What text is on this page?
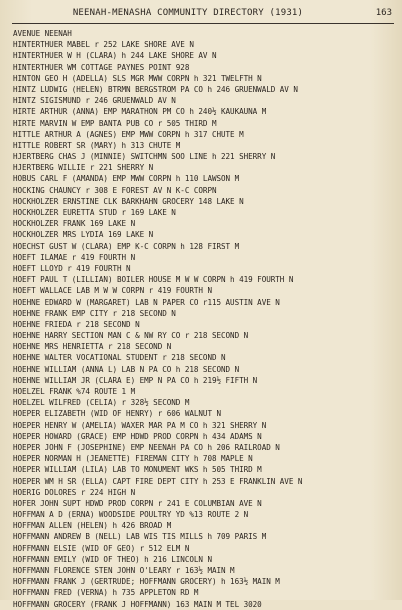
NEENAH-MENASHA COMMUNITY DIRECTORY (1931)	163
AVENUE NEENAH
HINTERTHUER MABEL r 252 LAKE SHORE AVE N
HINTERTHUER W H (CLARA) h 244 LAKE SHORE AV N
HINTERTHUER WM COTTAGE PAYNES POINT 928
HINTON GEO H (ADELLA) SLS MGR MWW CORPN h 321 TWELFTH N
HINTZ LUDWIG (HELEN) BTRMN BERGSTROM PA CO h 246 GRUENWALD AV N
HINTZ SIGISMUND r 246 GRUENWALD AV N
HIRTE ARTHUR (ANNA) EMP MARATHON PM CO h 240½ KAUKAUNA M
HIRTE MARVIN W EMP BANTA PUB CO r 505 THIRD M
HITTLE ARTHUR A (AGNES) EMP MWW CORPN h 317 CHUTE M
HITTLE ROBERT SR (MARY) h 313 CHUTE M
HJERTBERG CHAS J (MINNIE) SWITCHMN SOO LINE h 221 SHERRY N
HJERTBERG WILLIE r 221 SHERRY N
HOBUS CARL F (AMANDA) EMP MWW CORPN h 110 LAWSON M
HOCKING CHAUNCY r 308 E FOREST AV N K-C CORPN
HOCKHOLZER ERNSTINE CLK BARKHAHN GROCERY 148 LAKE N
HOCKHOLZER EURETTA STUD r 169 LAKE N
HOCKHOLZER FRANK 169 LAKE N
HOCKHOLZER MRS LYDIA 169 LAKE N
HOECHST GUST W (CLARA) EMP K-C CORPN h 128 FIRST M
HOEFT ILAMAE r 419 FOURTH N
HOEFT LLOYD r 419 FOURTH N
HOEFT PAUL T (LILLIAN) BOILER HOUSE M W W CORPN h 419 FOURTH N
HOEFT WALLACE LAB M W W CORPN r 419 FOURTH N
HOEHNE EDWARD W (MARGARET) LAB N PAPER CO r115 AUSTIN AVE N
HOEHNE FRANK EMP CITY r 218 SECOND N
HOEHNE FRIEDA r 218 SECOND N
HOEHNE HARRY SECTION MAN C & NW RY CO r 218 SECOND N
HOEHNE MRS HENRIETTA r 218 SECOND N
HOEHNE WALTER VOCATIONAL STUDENT r 218 SECOND N
HOEHNE WILLIAM (ANNA L) LAB N PA CO h 218 SECOND N
HOEHNE WILLIAM JR (CLARA E) EMP N PA CO h 219½ FIFTH N
HOELZEL FRANK %74 ROUTE 1 M
HOELZEL WILFRED (CELIA) r 328½ SECOND M
HOEPER ELIZABETH (WID OF HENRY) r 606 WALNUT N
HOEPER HENRY W (AMELIA) WAXER MAR PA M CO h 321 SHERRY N
HOEPER HOWARD (GRACE) EMP HDWD PROD CORPN h 434 ADAMS N
HOEPER JOHN F (JOSEPHINE) EMP NEENAH PA CO h 206 RAILROAD N
HOEPER NORMAN H (JEANETTE) FIREMAN CITY h 708 MAPLE N
HOEPER WILLIAM (LILA) LAB TO MONUMENT WKS h 505 THIRD M
HOEPER WM H SR (ELLA) CAPT FIRE DEPT CITY h 253 E FRANKLIN AVE N
HOERIG DOLORES r 224 HIGH N
HOFER JOHN SUPT HDWD PROD CORPN r 241 E COLUMBIAN AVE N
HOFFMAN A D (ERNA) WOODSIDE POULTRY YD %13 ROUTE 2 N
HOFFMAN ALLEN (HELEN) h 426 BROAD M
HOFFMANN ANDREW B (NELL) LAB WIS TIS MILLS h 709 PARIS M
HOFFMANN ELSIE (WID OF GEO) r 512 ELM N
HOFFMANN EMILY (WID OF THEO) h 216 LINCOLN N
HOFFMANN FLORENCE STEN JOHN O'LEARY r 163½ MAIN M
HOFFMANN FRANK J (GERTRUDE; HOFFMANN GROCERY) h 163½ MAIN M
HOFFMANN FRED (VERNA) h 735 APPLETON RD M
HOFFMANN GROCERY (FRANK J HOFFMANN) 163 MAIN M TEL 3020
